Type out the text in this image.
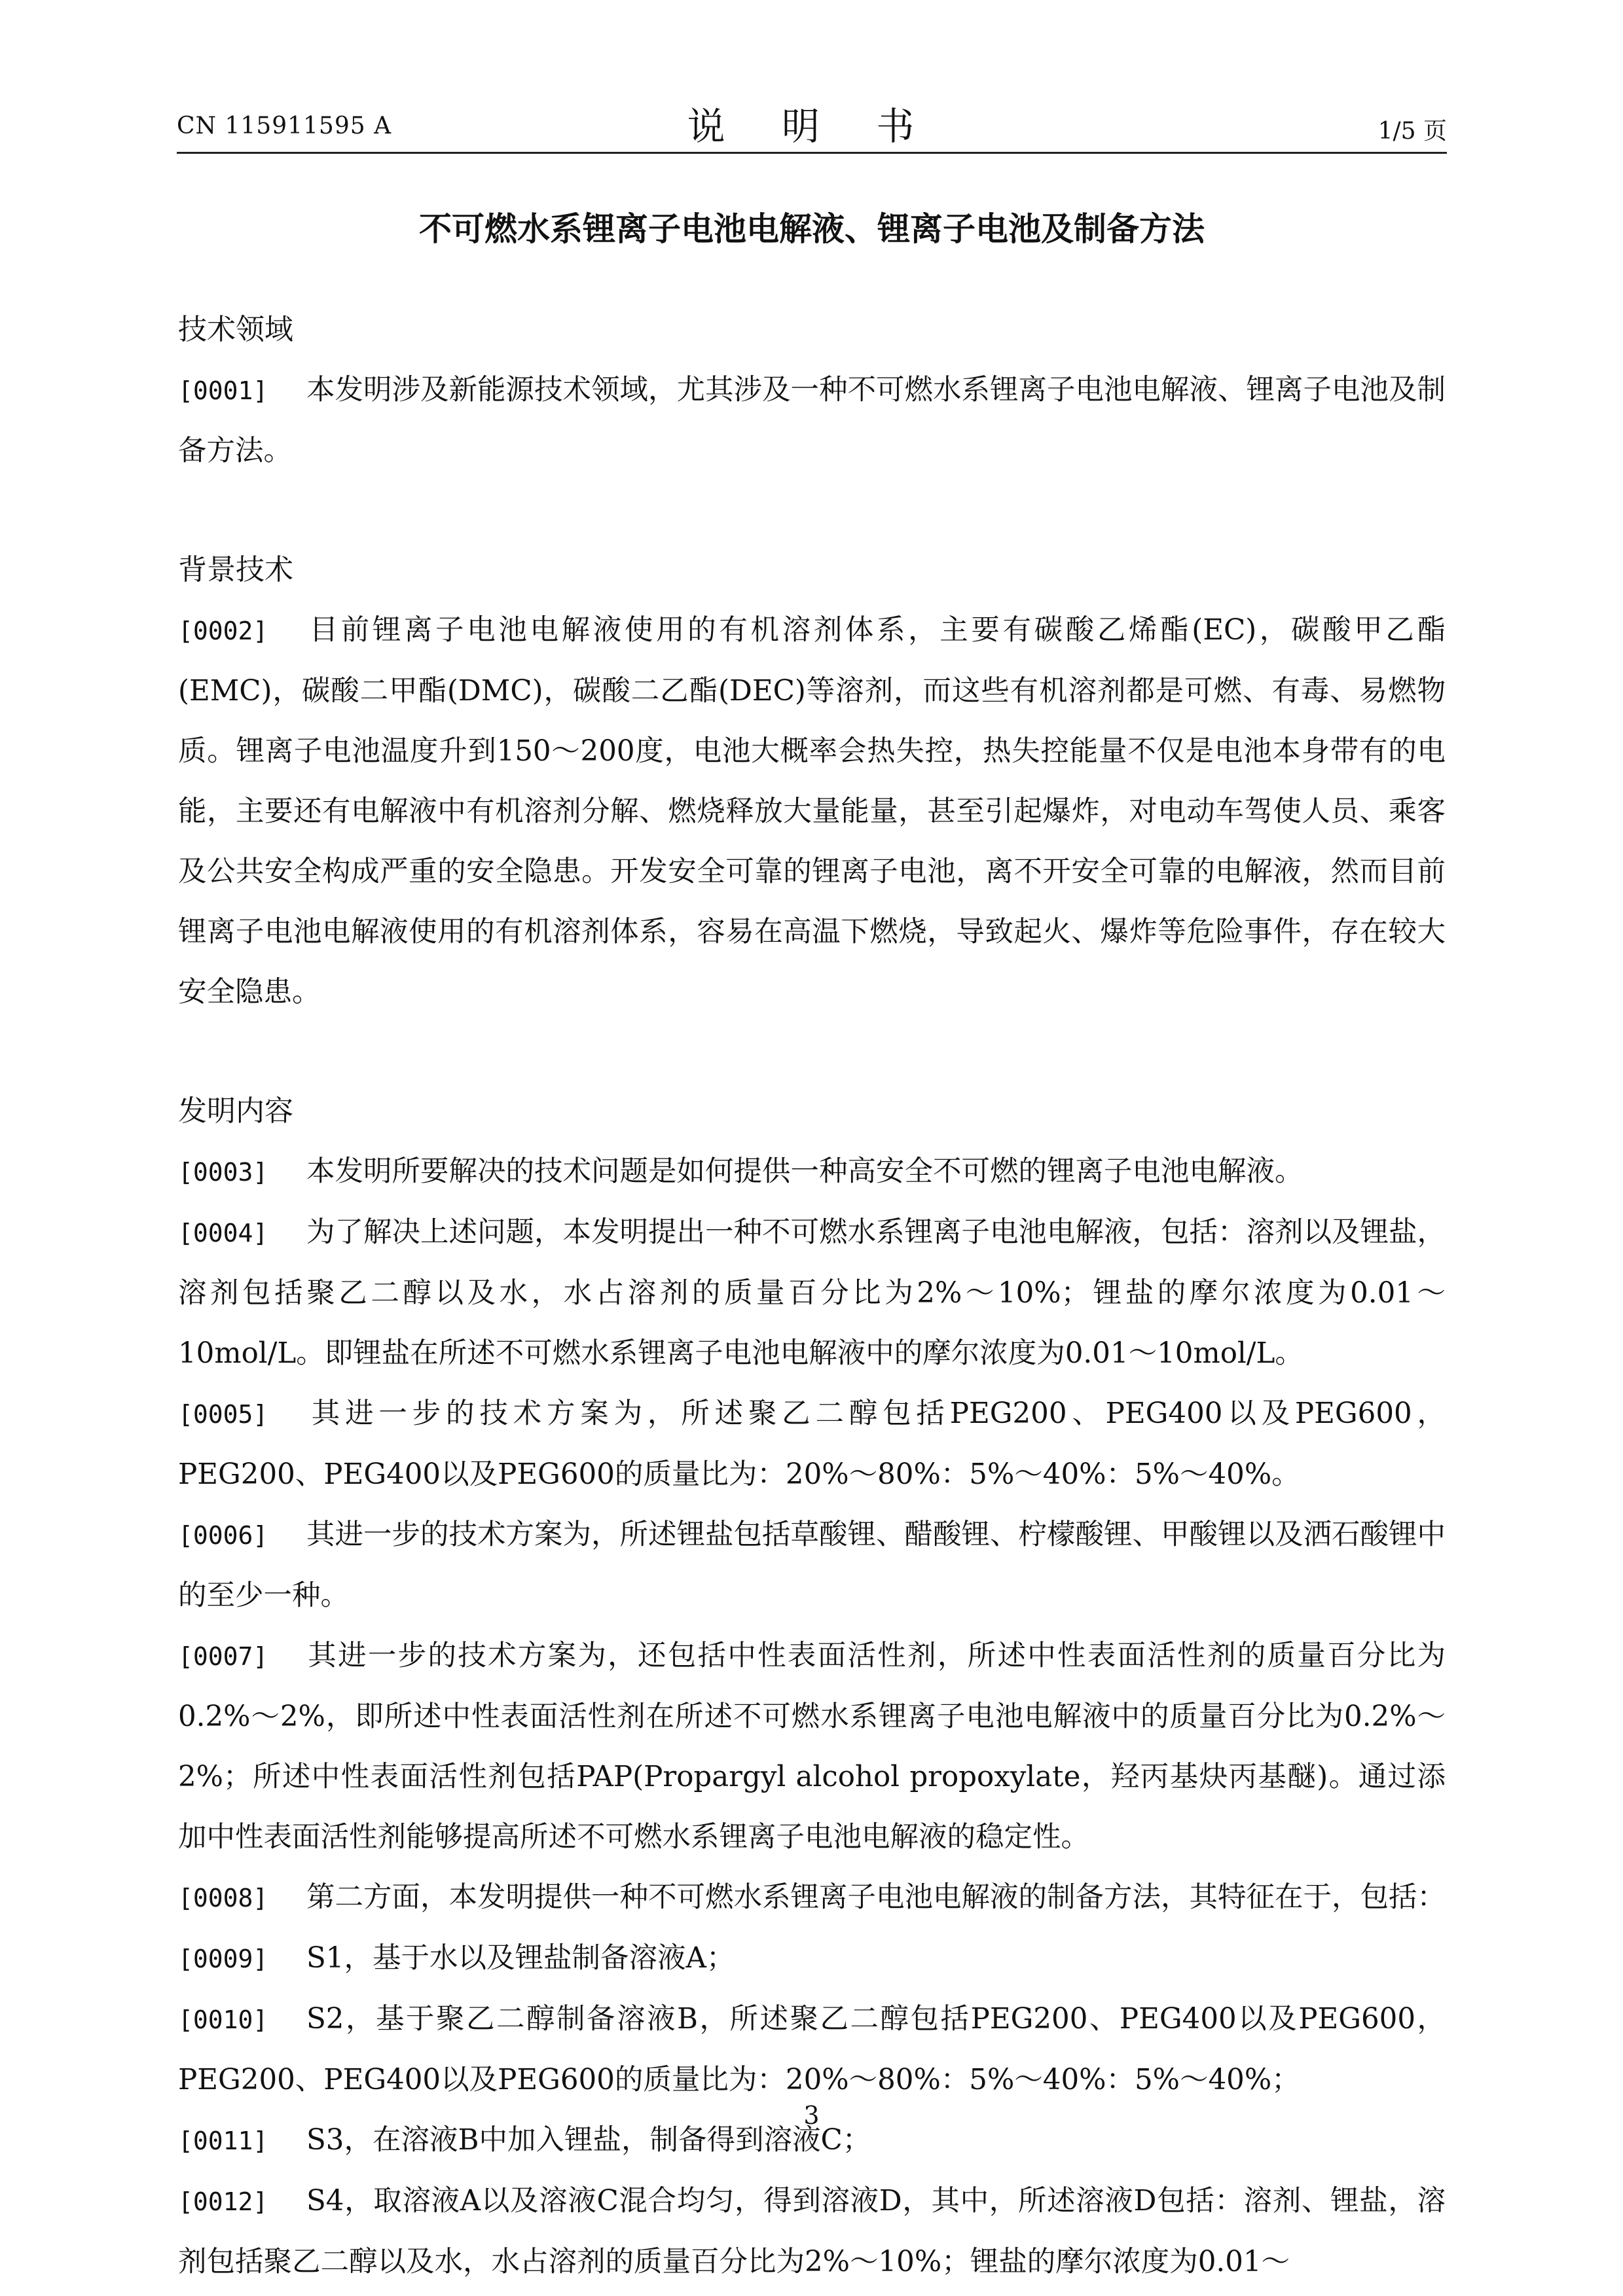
CN 115911595 A	说 明 书	1/5 页
不可燃水系锂离子电池电解液、锂离子电池及制备方法
技术领域
[0001] 本发明涉及新能源技术领域，尤其涉及一种不可燃水系锂离子电池电解液、锂离子电池及制备方法。
背景技术
[0002] 目前锂离子电池电解液使用的有机溶剂体系，主要有碳酸乙烯酯(EC)，碳酸甲乙酯(EMC)，碳酸二甲酯(DMC)，碳酸二乙酯(DEC)等溶剂，而这些有机溶剂都是可燃、有毒、易燃物质。锂离子电池温度升到150～200度，电池大概率会热失控，热失控能量不仅是电池本身带有的电能，主要还有电解液中有机溶剂分解、燃烧释放大量能量，甚至引起爆炸，对电动车驾使人员、乘客及公共安全构成严重的安全隐患。开发安全可靠的锂离子电池，离不开安全可靠的电解液，然而目前锂离子电池电解液使用的有机溶剂体系，容易在高温下燃烧，导致起火、爆炸等危险事件，存在较大安全隐患。
发明内容
[0003] 本发明所要解决的技术问题是如何提供一种高安全不可燃的锂离子电池电解液。
[0004] 为了解决上述问题，本发明提出一种不可燃水系锂离子电池电解液，包括：溶剂以及锂盐，溶剂包括聚乙二醇以及水，水占溶剂的质量百分比为2%～10%；锂盐的摩尔浓度为0.01～10mol/L。即锂盐在所述不可燃水系锂离子电池电解液中的摩尔浓度为0.01～10mol/L。
[0005] 其进一步的技术方案为，所述聚乙二醇包括PEG200、PEG400以及PEG600，PEG200、PEG400以及PEG600的质量比为：20%～80%：5%～40%：5%～40%。
[0006] 其进一步的技术方案为，所述锂盐包括草酸锂、醋酸锂、柠檬酸锂、甲酸锂以及洒石酸锂中的至少一种。
[0007] 其进一步的技术方案为，还包括中性表面活性剂，所述中性表面活性剂的质量百分比为0.2%～2%，即所述中性表面活性剂在所述不可燃水系锂离子电池电解液中的质量百分比为0.2%～2%；所述中性表面活性剂包括PAP(Propargyl alcohol propoxylate，羟丙基炔丙基醚)。通过添加中性表面活性剂能够提高所述不可燃水系锂离子电池电解液的稳定性。
[0008] 第二方面，本发明提供一种不可燃水系锂离子电池电解液的制备方法，其特征在于，包括：
[0009] S1，基于水以及锂盐制备溶液A；
[0010] S2，基于聚乙二醇制备溶液B，所述聚乙二醇包括PEG200、PEG400以及PEG600，PEG200、PEG400以及PEG600的质量比为：20%～80%：5%～40%：5%～40%；
[0011] S3，在溶液B中加入锂盐，制备得到溶液C；
[0012] S4，取溶液A以及溶液C混合均匀，得到溶液D，其中，所述溶液D包括：溶剂、锂盐，溶剂包括聚乙二醇以及水，水占溶剂的质量百分比为2%～10%；锂盐的摩尔浓度为0.01～
3
